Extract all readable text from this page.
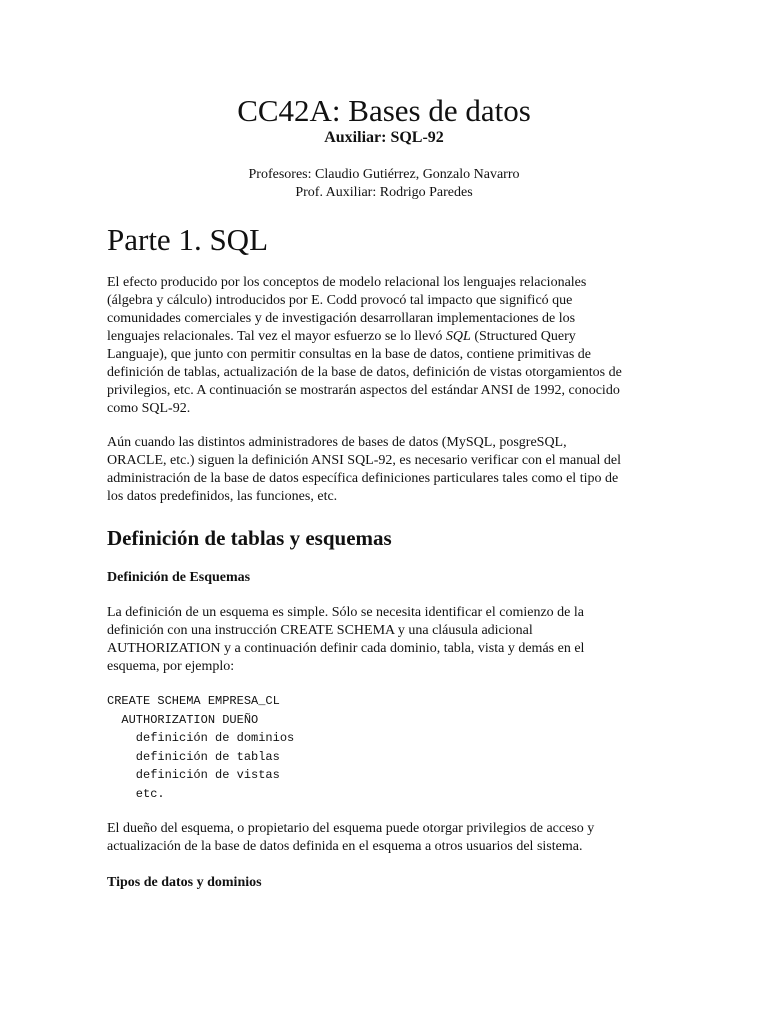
CC42A: Bases de datos

Auxiliar: SQL-92

Profesores: Claudio Gutiérrez, Gonzalo Navarro

Prof. Auxiliar: Rodrigo Paredes

Parte 1. SQL
El efecto producido por los conceptos de modelo relacional los lenguajes relacionales
(álgebra y cálculo) introducidos por E. Codd provocó tal impacto que significó que
comunidades comerciales y de investigación desarrollaran implementaciones de los
lenguajes relacionales. Tal vez el mayor esfuerzo se lo llevó SQL (Structured Query
Languaje), que junto con permitir consultas en la base de datos, contiene primitivas de
definición de tablas, actualización de la base de datos, definición de vistas otorgamientos de
privilegios, etc. A continuación se mostrarán aspectos del estándar ANSI de 1992, conocido
como SQL-92.
Aún cuando las distintos administradores de bases de datos (MySQL, posgreSQL,
ORACLE, etc.) siguen la definición ANSI SQL-92, es necesario verificar con el manual del
administración de la base de datos específica definiciones particulares tales como el tipo de
los datos predefinidos, las funciones, etc.
Definición de tablas y esquemas
Definición de Esquemas
La definición de un esquema es simple. Sólo se necesita identificar el comienzo de la
definición con una instrucción CREATE SCHEMA y una cláusula adicional
AUTHORIZATION y a continuación definir cada dominio, tabla, vista y demás en el
esquema, por ejemplo:
CREATE SCHEMA EMPRESA_CL
AUTHORIZATION DUEÑO
definición de dominios
definición de tablas
definición de vistas
etc.
El dueño del esquema, o propietario del esquema puede otorgar privilegios de acceso y
actualización de la base de datos definida en el esquema a otros usuarios del sistema.
Tipos de datos y dominios
